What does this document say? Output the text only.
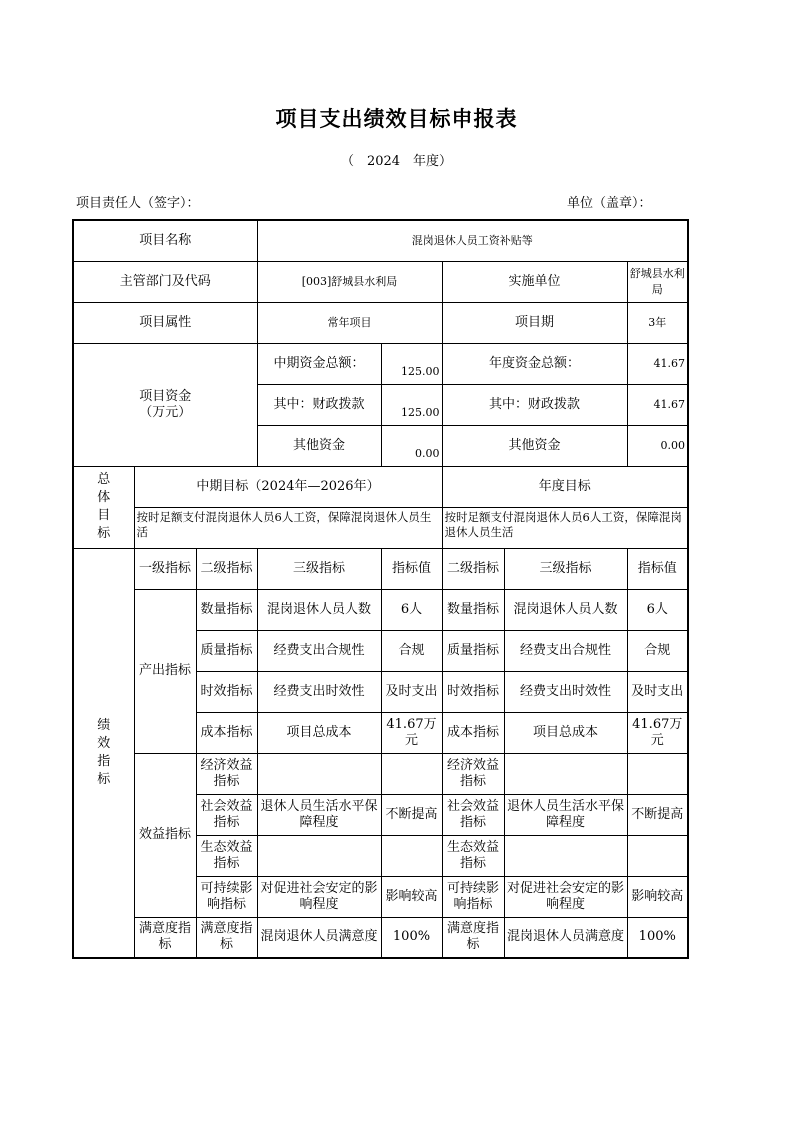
项目支出绩效目标申报表
（　2024　年度）
项目责任人（签字）：	单位（盖章）：
项目名称			混岗退休人员工资补贴等				
主管部门及代码			[003]舒城县水利局		实施单位		舒城县水利局
项目属性			常年项目		项目期		3年

项目资金
（万元）			中期资金总额：	125.00	年度资金总额：		41.67
			其中：财政拨款	125.00	其中：财政拨款		41.67
			其他资金	0.00	其他资金		0.00

总
体
目
标	中期目标（2024年—2026年）				年度目标		
	按时足额支付混岗退休人员6人工资，保障混岗退休人员生活				按时足额支付混岗退休人员6人工资，保障混岗退休人员生活		

绩
效
指
标	一级指标	二级指标	三级指标	指标值	二级指标	三级指标	指标值
	产出指标	数量指标	混岗退休人员人数	6人	数量指标	混岗退休人员人数	6人
		质量指标	经费支出合规性	合规	质量指标	经费支出合规性	合规
		时效指标	经费支出时效性	及时支出	时效指标	经费支出时效性	及时支出
		成本指标	项目总成本	41.67万元	成本指标	项目总成本	41.67万元
	效益指标	经济效益指标			经济效益指标		
		社会效益指标	退休人员生活水平保障程度	不断提高	社会效益指标	退休人员生活水平保障程度	不断提高
		生态效益指标			生态效益指标		
		可持续影响指标	对促进社会安定的影响程度	影响较高	可持续影响指标	对促进社会安定的影响程度	影响较高
	满意度指标	满意度指标	混岗退休人员满意度	100%	满意度指标	混岗退休人员满意度	100%
